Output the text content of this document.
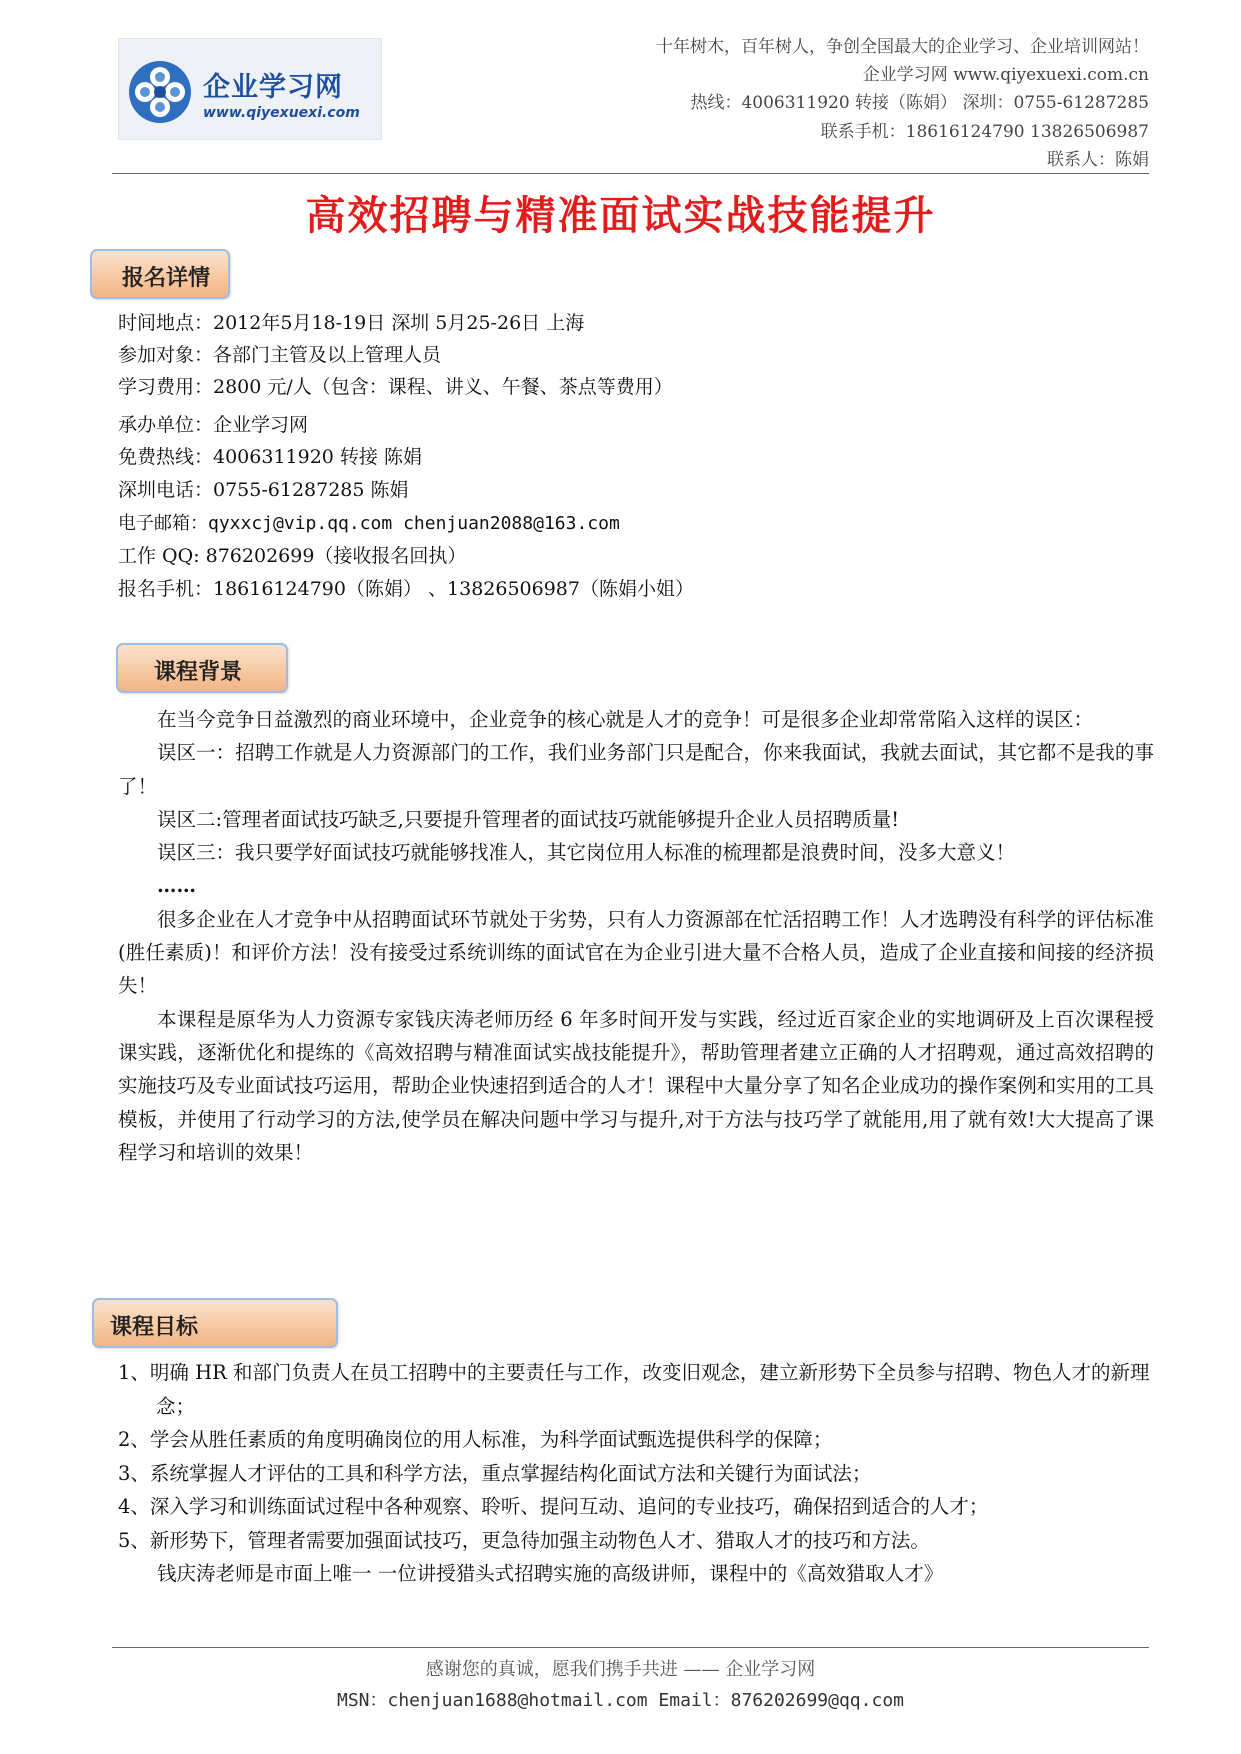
企业学习网
www.qiyexuexi.com
十年树木，百年树人，争创全国最大的企业学习、企业培训网站！
企业学习网 www.qiyexuexi.com.cn
热线：4006311920 转接（陈娟） 深圳：0755-61287285
联系手机：18616124790 13826506987
联系人：陈娟
高效招聘与精准面试实战技能提升
报名详情
时间地点：2012年5月18-19日 深圳 5月25-26日 上海
参加对象：各部门主管及以上管理人员
学习费用：2800 元/人（包含：课程、讲义、午餐、茶点等费用）
承办单位：企业学习网
免费热线：4006311920 转接 陈娟
深圳电话：0755-61287285 陈娟
电子邮箱：qyxxcj@vip.qq.com chenjuan2088@163.com
工作 QQ: 876202699（接收报名回执）
报名手机：18616124790（陈娟） 、13826506987（陈娟小姐）
课程背景

在当今竞争日益激烈的商业环境中，企业竞争的核心就是人才的竞争！可是很多企业却常常陷入这样的误区：

误区一：招聘工作就是人力资源部门的工作，我们业务部门只是配合，你来我面试，我就去面试，其它都不是我的事了！

误区二:管理者面试技巧缺乏,只要提升管理者的面试技巧就能够提升企业人员招聘质量!

误区三：我只要学好面试技巧就能够找准人，其它岗位用人标准的梳理都是浪费时间，没多大意义！

……

很多企业在人才竞争中从招聘面试环节就处于劣势，只有人力资源部在忙活招聘工作！人才选聘没有科学的评估标准(胜任素质)！和评价方法！没有接受过系统训练的面试官在为企业引进大量不合格人员，造成了企业直接和间接的经济损失！

本课程是原华为人力资源专家钱庆涛老师历经 6 年多时间开发与实践，经过近百家企业的实地调研及上百次课程授课实践，逐渐优化和提练的《高效招聘与精准面试实战技能提升》，帮助管理者建立正确的人才招聘观，通过高效招聘的实施技巧及专业面试技巧运用，帮助企业快速招到适合的人才！课程中大量分享了知名企业成功的操作案例和实用的工具模板，并使用了行动学习的方法,使学员在解决问题中学习与提升,对于方法与技巧学了就能用,用了就有效!大大提高了课程学习和培训的效果！

课程目标
1、明确 HR 和部门负责人在员工招聘中的主要责任与工作，改变旧观念，建立新形势下全员参与招聘、物色人才的新理念；
2、学会从胜任素质的角度明确岗位的用人标准，为科学面试甄选提供科学的保障；
3、系统掌握人才评估的工具和科学方法，重点掌握结构化面试方法和关键行为面试法；
4、深入学习和训练面试过程中各种观察、聆听、提问互动、追问的专业技巧，确保招到适合的人才；
5、新形势下，管理者需要加强面试技巧，更急待加强主动物色人才、猎取人才的技巧和方法。
钱庆涛老师是市面上唯一 一位讲授猎头式招聘实施的高级讲师，课程中的《高效猎取人才》
感谢您的真诚，愿我们携手共进 —— 企业学习网
MSN：chenjuan1688@hotmail.com Email：876202699@qq.com
